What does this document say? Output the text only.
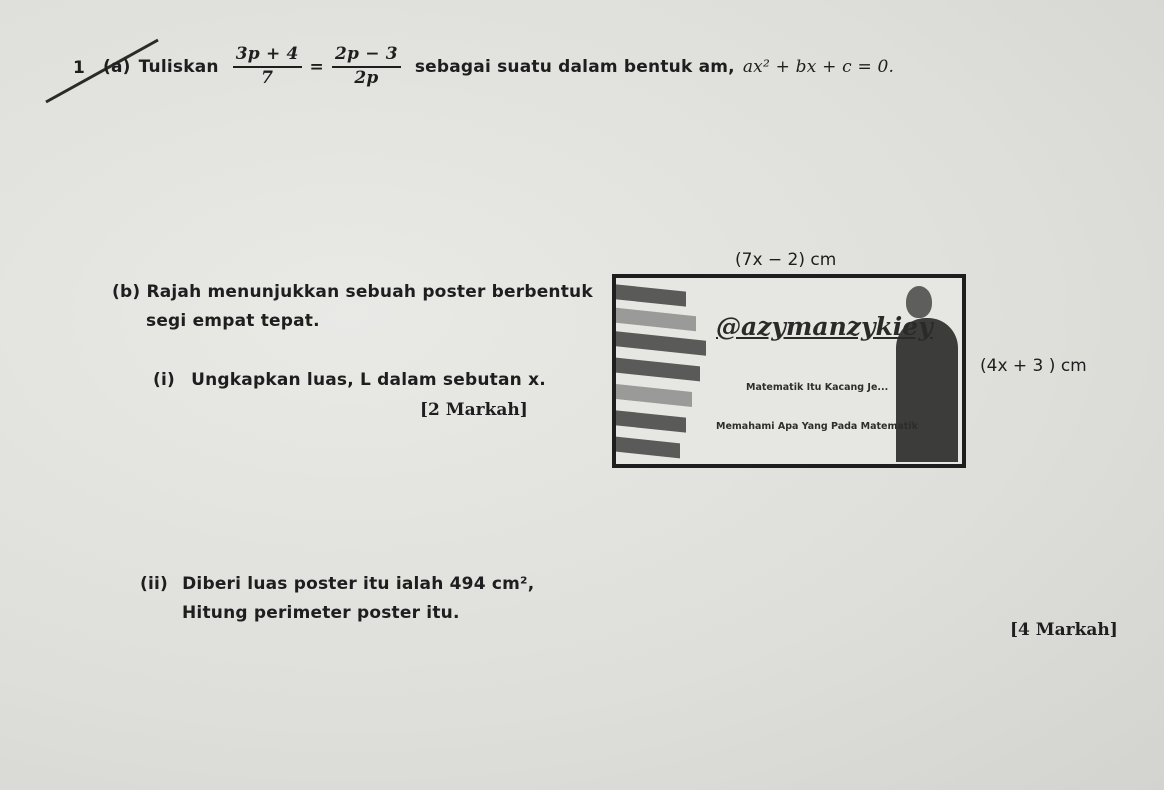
1 (a) Tuliskan $\frac{3p + 4}{7} = \frac{2p - 3}{2p}$ sebagai suatu dalam bentuk am, ax² + bx + c = 0.
(b) Rajah menunjukkan sebuah poster berbentuk
segi empat tepat.
(i) Ungkapkan luas, L dalam sebutan x.
[2 Markah]
(7x − 2) cm
(4x + 3 ) cm
@azymanzykiey
Matematik Itu Kacang Je...
Memahami Apa Yang Pada Matematik
(ii) Diberi luas poster itu ialah 494 cm²,
Hitung perimeter poster itu.
[4 Markah]
